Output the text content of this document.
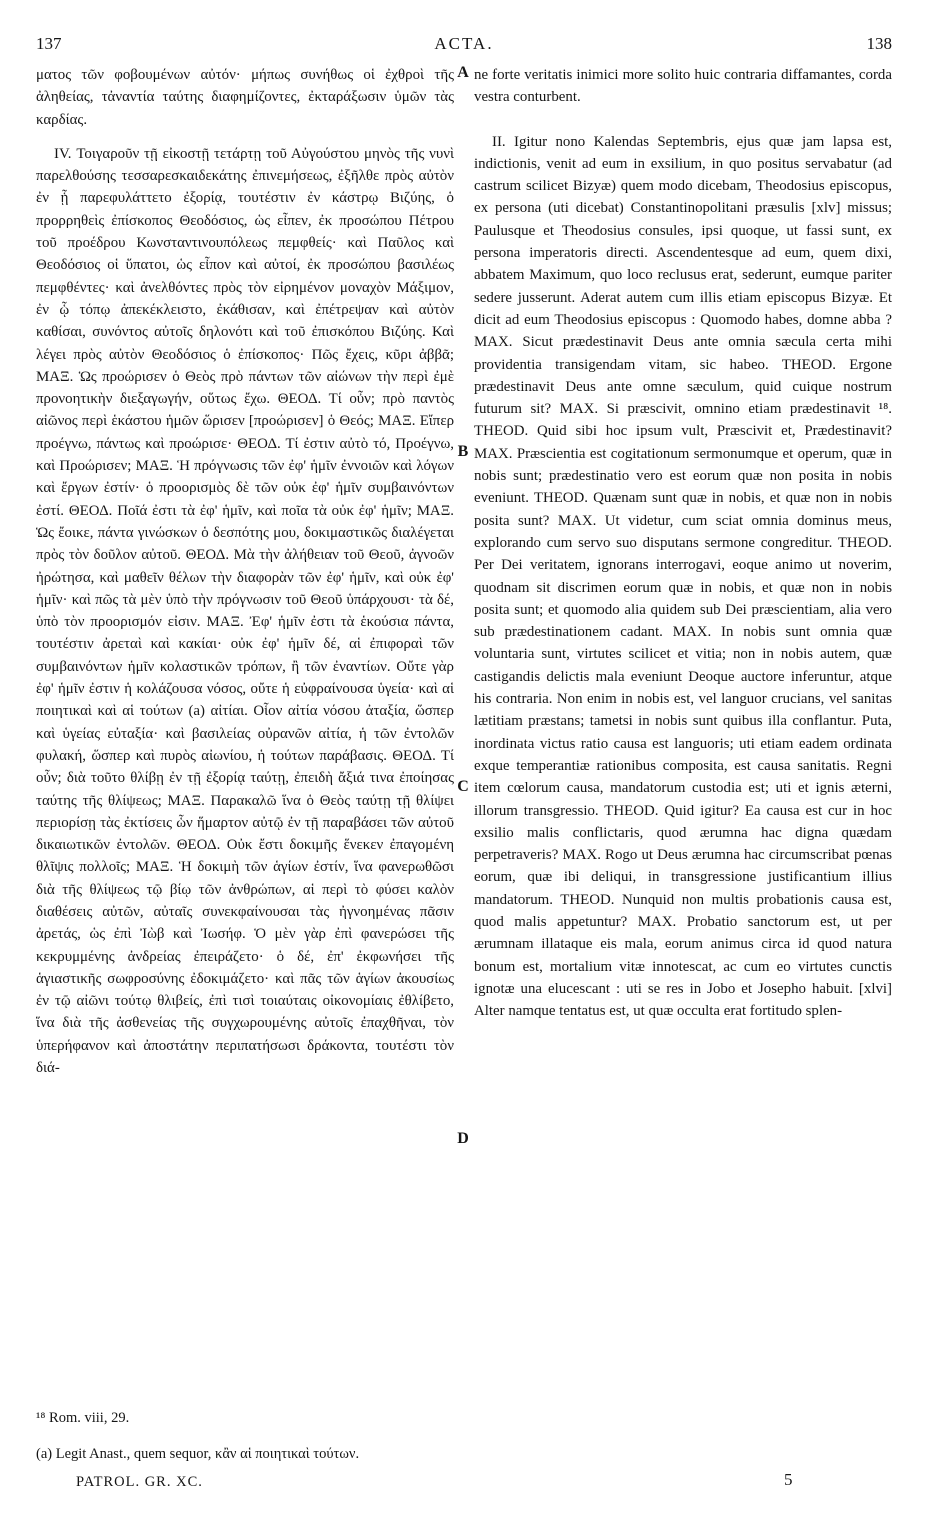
137	ACTA.	138

ματος τῶν φοβουμένων αὐτόν· μήπως συνήθως οἱ ἐχθροὶ τῆς ἀληθείας, τἀναντία ταύτης διαφημίζοντες, ἐκταράξωσιν ὑμῶν τὰς καρδίας.

IV. Τοιγαροῦν τῇ εἰκοστῇ τετάρτῃ τοῦ Αὐγούστου μηνὸς τῆς νυνὶ παρελθούσης τεσσαρεσκαιδεκάτης ἐπινεμήσεως, ἐξῆλθε πρὸς αὐτὸν ἐν ᾗ παρεφυλάττετο ἐξορίᾳ, τουτέστιν ἐν κάστρῳ Βιζύης, ὁ προρρηθεὶς ἐπίσκοπος Θεοδόσιος, ὡς εἶπεν, ἐκ προσώπου Πέτρου τοῦ προέδρου Κωνσταντινουπόλεως πεμφθείς· καὶ Παῦλος καὶ Θεοδόσιος οἱ ὕπατοι, ὡς εἶπον καὶ αὐτοί, ἐκ προσώπου βασιλέως πεμφθέντες· καὶ ἀνελθόντες πρὸς τὸν εἰρημένον μοναχὸν Μάξιμον, ἐν ᾧ τόπῳ ἀπεκέκλειστο, ἐκάθισαν, καὶ ἐπέτρεψαν καὶ αὐτὸν καθίσαι, συνόντος αὐτοῖς δηλονότι καὶ τοῦ ἐπισκόπου Βιζύης. Καὶ λέγει πρὸς αὐτὸν Θεοδόσιος ὁ ἐπίσκοπος· Πῶς ἔχεις, κῦρι ἀββᾶ; ΜΑΞ. Ὡς προώρισεν ὁ Θεὸς πρὸ πάντων τῶν αἰώνων τὴν περὶ ἐμὲ προνοητικὴν διεξαγωγήν, οὕτως ἔχω. ΘΕΟΔ. Τί οὖν; πρὸ παντὸς αἰῶνος περὶ ἑκάστου ἡμῶν ὥρισεν [προώρισεν] ὁ Θεός; ΜΑΞ. Εἴπερ προέγνω, πάντως καὶ προώρισε· ΘΕΟΔ. Τί ἐστιν αὐτὸ τό, Προέγνω, καὶ Προώρισεν; ΜΑΞ. Ἡ πρόγνωσις τῶν ἐφ' ἡμῖν ἐννοιῶν καὶ λόγων καὶ ἔργων ἐστίν· ὁ προορισμὸς δὲ τῶν οὐκ ἐφ' ἡμῖν συμβαινόντων ἐστί. ΘΕΟΔ. Ποῖά ἐστι τὰ ἐφ' ἡμῖν, καὶ ποῖα τὰ οὐκ ἐφ' ἡμῖν; ΜΑΞ. Ὡς ἔοικε, πάντα γινώσκων ὁ δεσπότης μου, δοκιμαστικῶς διαλέγεται πρὸς τὸν δοῦλον αὐτοῦ. ΘΕΟΔ. Μὰ τὴν ἀλήθειαν τοῦ Θεοῦ, ἀγνοῶν ἠρώτησα, καὶ μαθεῖν θέλων τὴν διαφορὰν τῶν ἐφ' ἡμῖν, καὶ οὐκ ἐφ' ἡμῖν· καὶ πῶς τὰ μὲν ὑπὸ τὴν πρόγνωσιν τοῦ Θεοῦ ὑπάρχουσι· τὰ δέ, ὑπὸ τὸν προορισμόν εἰσιν. ΜΑΞ. Ἐφ' ἡμῖν ἐστι τὰ ἑκούσια πάντα, τουτέστιν ἀρεταὶ καὶ κακίαι· οὐκ ἐφ' ἡμῖν δέ, αἱ ἐπιφοραὶ τῶν συμβαινόντων ἡμῖν κολαστικῶν τρόπων, ἢ τῶν ἐναντίων. Οὔτε γὰρ ἐφ' ἡμῖν ἐστιν ἡ κολάζουσα νόσος, οὔτε ἡ εὐφραίνουσα ὑγεία· καὶ αἱ ποιητικαὶ καὶ αἱ τούτων (a) αἰτίαι. Οἷον αἰτία νόσου ἀταξία, ὥσπερ καὶ ὑγείας εὐταξία· καὶ βασιλείας οὐρανῶν αἰτία, ἡ τῶν ἐντολῶν φυλακή, ὥσπερ καὶ πυρὸς αἰωνίου, ἡ τούτων παράβασις. ΘΕΟΔ. Τί οὖν; διὰ τοῦτο θλίβῃ ἐν τῇ ἐξορίᾳ ταύτῃ, ἐπειδὴ ἄξιά τινα ἐποίησας ταύτης τῆς θλίψεως; ΜΑΞ. Παρακαλῶ ἵνα ὁ Θεὸς ταύτῃ τῇ θλίψει περιορίσῃ τὰς ἐκτίσεις ὧν ἥμαρτον αὐτῷ ἐν τῇ παραβάσει τῶν αὐτοῦ δικαιωτικῶν ἐντολῶν. ΘΕΟΔ. Οὐκ ἔστι δοκιμῆς ἕνεκεν ἐπαγομένη θλῖψις πολλοῖς; ΜΑΞ. Ἡ δοκιμὴ τῶν ἁγίων ἐστίν, ἵνα φανερωθῶσι διὰ τῆς θλίψεως τῷ βίῳ τῶν ἀνθρώπων, αἱ περὶ τὸ φύσει καλὸν διαθέσεις αὐτῶν, αὐταῖς συνεκφαίνουσαι τὰς ἠγνοημένας πᾶσιν ἀρετάς, ὡς ἐπὶ Ἰὼβ καὶ Ἰωσήφ. Ὁ μὲν γὰρ ἐπὶ φανερώσει τῆς κεκρυμμένης ἀνδρείας ἐπειράζετο· ὁ δέ, ἐπ' ἐκφωνήσει τῆς ἁγιαστικῆς σωφροσύνης ἐδοκιμάζετο· καὶ πᾶς τῶν ἁγίων ἀκουσίως ἐν τῷ αἰῶνι τούτῳ θλιβείς, ἐπὶ τισὶ τοιαύταις οἰκονομίαις ἐθλίβετο, ἵνα διὰ τῆς ἀσθενείας τῆς συγχωρουμένης αὐτοῖς ἐπαχθῆναι, τὸν ὑπερήφανον καὶ ἀποστάτην περιπατήσωσι δράκοντα, τουτέστι τὸν διά-

A
C
D
B

ne forte veritatis inimici more solito huic contraria diffamantes, corda vestra conturbent.

II. Igitur nono Kalendas Septembris, ejus quæ jam lapsa est, indictionis, venit ad eum in exsilium, in quo positus servabatur (ad castrum scilicet Bizyæ) quem modo dicebam, Theodosius episcopus, ex persona (uti dicebat) Constantinopolitani præsulis [xlv] missus; Paulusque et Theodosius consules, ipsi quoque, ut fassi sunt, ex persona imperatoris directi. Ascendentesque ad eum, quem dixi, abbatem Maximum, quo loco reclusus erat, sederunt, eumque pariter sedere jusserunt. Aderat autem cum illis etiam episcopus Bizyæ. Et dicit ad eum Theodosius episcopus : Quomodo habes, domne abba ? MAX. Sicut prædestinavit Deus ante omnia sæcula certa mihi providentia transigendam vitam, sic habeo. THEOD. Ergone prædestinavit Deus ante omne sæculum, quid cuique nostrum futurum sit? MAX. Si præscivit, omnino etiam prædestinavit ¹⁸. THEOD. Quid sibi hoc ipsum vult, Præscivit et, Prædestinavit? MAX. Præscientia est cogitationum sermonumque et operum, quæ in nobis sunt; prædestinatio vero est eorum quæ non posita in nobis eveniunt. THEOD. Quænam sunt quæ in nobis, et quæ non in nobis posita sunt? MAX. Ut videtur, cum sciat omnia dominus meus, explorando cum servo suo disputans sermone congreditur. THEOD. Per Dei veritatem, ignorans interrogavi, eoque animo ut noverim, quodnam sit discrimen eorum quæ in nobis, et quæ non in nobis posita sunt; et quomodo alia quidem sub Dei præscientiam, alia vero sub prædestinationem cadant. MAX. In nobis sunt omnia quæ voluntaria sunt, virtutes scilicet et vitia; non in nobis autem, quæ castigandis delictis mala eveniunt Deoque auctore inferuntur, atque his contraria. Non enim in nobis est, vel languor crucians, vel sanitas lætitiam præstans; tametsi in nobis sunt quibus illa conflantur. Puta, inordinata victus ratio causa est languoris; uti etiam eadem ordinata exque temperantiæ rationibus composita, est causa sanitatis. Regni item cœlorum causa, mandatorum custodia est; uti et ignis æterni, illorum transgressio. THEOD. Quid igitur? Ea causa est cur in hoc exsilio malis conflictaris, quod ærumna hac digna quædam perpetraveris? MAX. Rogo ut Deus ærumna hac circumscribat pœnas eorum, quæ ibi deliqui, in transgressione justificantium illius mandatorum. THEOD. Nunquid non multis probationis causa est, quod malis appetuntur? MAX. Probatio sanctorum est, ut per ærumnam illataque eis mala, eorum animus circa id quod natura bonum est, mortalium vitæ innotescat, ac cum eo virtutes cunctis ignotæ una elucescant : uti se res in Jobo et Josepho habuit. [xlvi] Alter namque tentatus est, ut quæ occulta erat fortitudo splen-

¹⁸ Rom. viii, 29.
(a) Legit Anast., quem sequor, κἂν αἱ ποιητικαὶ τούτων.
PATROL. GR. XC.	5
